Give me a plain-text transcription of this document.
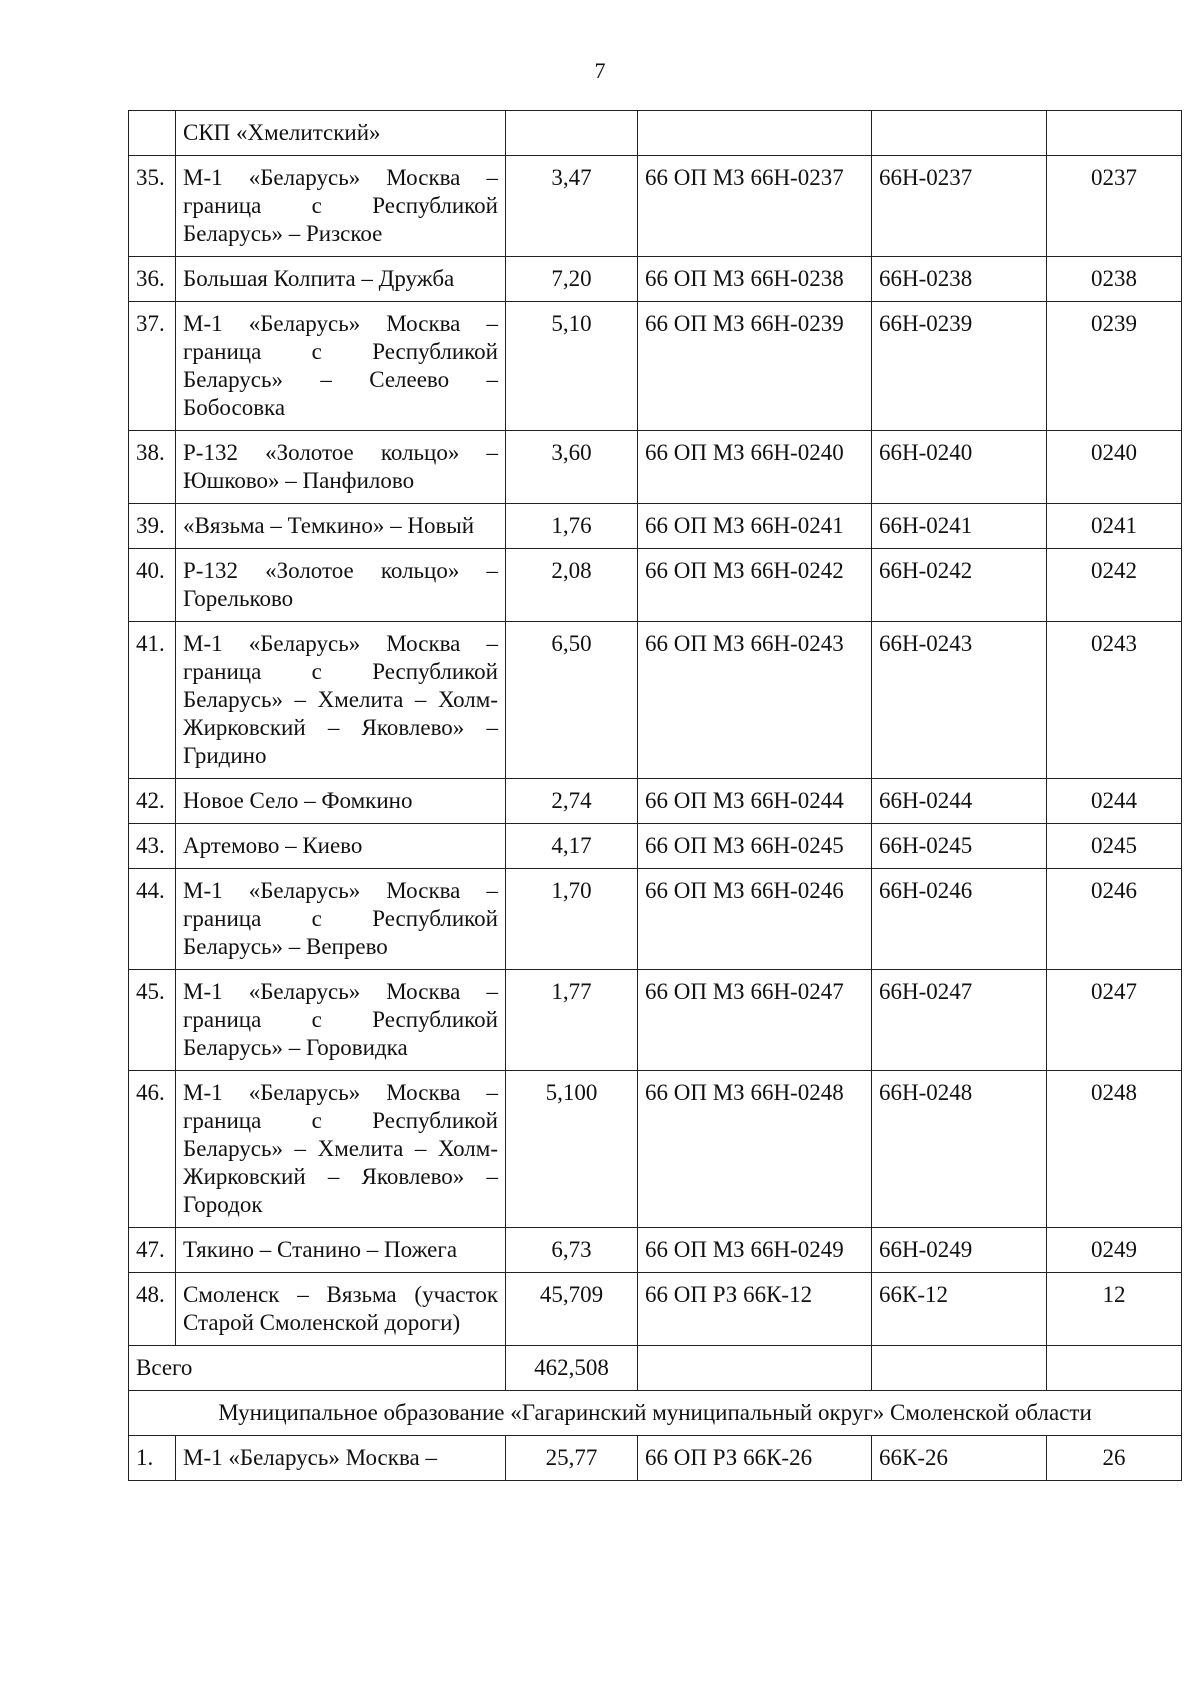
7
	СКП «Хмелитский»				
35.	М-1 «Беларусь» Москва – граница с Республикой Беларусь» – Ризское	3,47	66 ОП МЗ 66Н-0237	66Н-0237	0237
36.	Большая Колпита – Дружба	7,20	66 ОП МЗ 66Н-0238	66Н-0238	0238
37.	М-1 «Беларусь» Москва – граница с Республикой Беларусь» – Селеево – Бобосовка	5,10	66 ОП МЗ 66Н-0239	66Н-0239	0239
38.	Р-132 «Золотое кольцо» – Юшково» – Панфилово	3,60	66 ОП МЗ 66Н-0240	66Н-0240	0240
39.	«Вязьма – Темкино» – Новый	1,76	66 ОП МЗ 66Н-0241	66Н-0241	0241
40.	Р-132 «Золотое кольцо» – Горельково	2,08	66 ОП МЗ 66Н-0242	66Н-0242	0242
41.	М-1 «Беларусь» Москва – граница с Республикой Беларусь» – Хмелита – Холм-Жирковский – Яковлево» – Гридино	6,50	66 ОП МЗ 66Н-0243	66Н-0243	0243
42.	Новое Село – Фомкино	2,74	66 ОП МЗ 66Н-0244	66Н-0244	0244
43.	Артемово – Киево	4,17	66 ОП МЗ 66Н-0245	66Н-0245	0245
44.	М-1 «Беларусь» Москва – граница с Республикой Беларусь» – Вепрево	1,70	66 ОП МЗ 66Н-0246	66Н-0246	0246
45.	М-1 «Беларусь» Москва – граница с Республикой Беларусь» – Горовидка	1,77	66 ОП МЗ 66Н-0247	66Н-0247	0247
46.	М-1 «Беларусь» Москва – граница с Республикой Беларусь» – Хмелита – Холм-Жирковский – Яковлево» – Городок	5,100	66 ОП МЗ 66Н-0248	66Н-0248	0248
47.	Тякино – Станино – Пожега	6,73	66 ОП МЗ 66Н-0249	66Н-0249	0249
48.	Смоленск – Вязьма (участок Старой Смоленской дороги)	45,709	66 ОП РЗ 66К-12	66К-12	12
Всего		462,508			
Муниципальное образование «Гагаринский муниципальный округ» Смоленской области					
1.	М-1 «Беларусь» Москва –	25,77	66 ОП РЗ 66К-26	66К-26	26
